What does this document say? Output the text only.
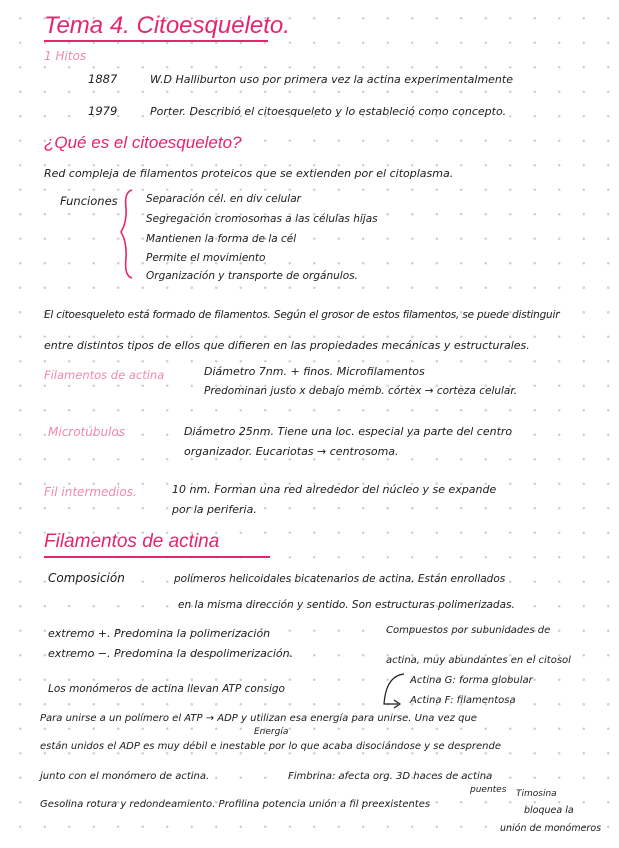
Tema 4. Citoesqueleto.
1 Hitos
1887	W.D Halliburton uso por primera vez la actina experimentalmente
1979	Porter. Describió el citoesqueleto y lo estableció como concepto.
¿Qué es el citoesqueleto?
Red compleja de filamentos proteicos que se extienden por el citoplasma.
Funciones	Separación cél. en div celular
Segregación cromosomas a las células hijas
Mantienen la forma de la cél
Permite el movimiento
Organización y transporte de orgánulos.
El citoesqueleto está formado de filamentos. Según el grosor de estos filamentos, se puede distinguir
entre distintos tipos de ellos que difieren en las propiedades mecánicas y estructurales.
Filamentos de actina	Diámetro 7nm. + finos. Microfilamentos
Predominan justo x debajo memb. córtex → corteza celular.
Microtúbulos	Diámetro 25nm. Tiene una loc. especial ya parte del centro
organizador. Eucariotas → centrosoma.
Fil intermedios.	10 nm. Forman una red alrededor del núcleo y se expande
por la periferia.
Filamentos de actina
Composición	polímeros helicoidales bicatenarios de actina. Están enrollados
en la misma dirección y sentido. Son estructuras polimerizadas.
extremo +. Predomina la polimerización
extremo −. Predomina la despolimerización.
Compuestos por subunidades de
actina, muy abundantes en el citosol
Actina G: forma globular
Actina F: filamentosa
Los monómeros de actina llevan ATP consigo
Para unirse a un polímero el ATP → ADP y utilizan esa energía para unirse. Una vez que
Energía
están unidos el ADP es muy débil e inestable por lo que acaba disociándose y se desprende
junto con el monómero de actina.	Fimbrina: afecta org. 3D haces de actina
puentes
Gesolina rotura y redondeamiento. Profilina potencia unión a fil preexistentes
Timosina
bloquea la
unión de monómeros
